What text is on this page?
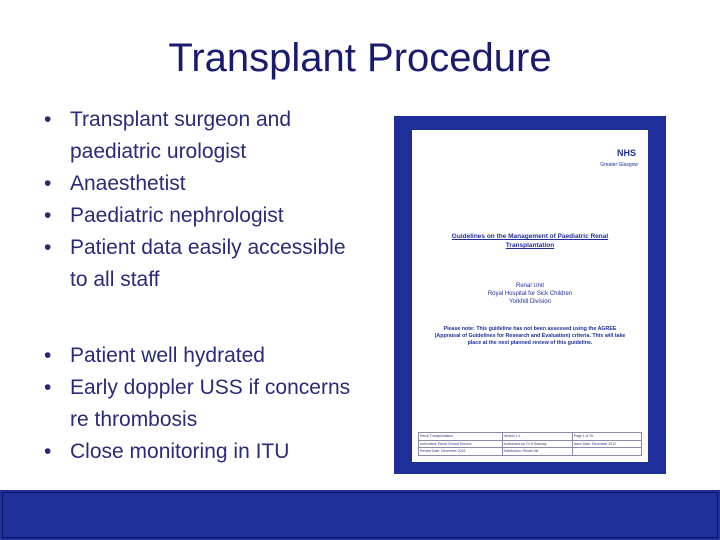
Transplant Procedure
• Transplant surgeon and paediatric urologist
• Anaesthetist
• Paediatric nephrologist
• Patient data easily accessible to all staff
• Patient well hydrated
• Early doppler USS if concerns re thrombosis
• Close monitoring in ITU
NHS
Greater Glasgow
Guidelines on the Management of Paediatric Renal Transplantation
Renal Unit
Royal Hospital for Sick Children
Yorkhill Division
Please note: This guideline has not been assessed using the AGREE (Appraisal of Guidelines for Research and Evaluation) criteria. This will take place at the next planned review of this guideline.
Renal Transplantation	Version 1.1	Page 1 of 25
Authorised: Renal Clinical Director	Authorised by: Dr S Ramsay	Issue Date: December 2012
Review Date: December 2015	Distribution: Renal Unit	
